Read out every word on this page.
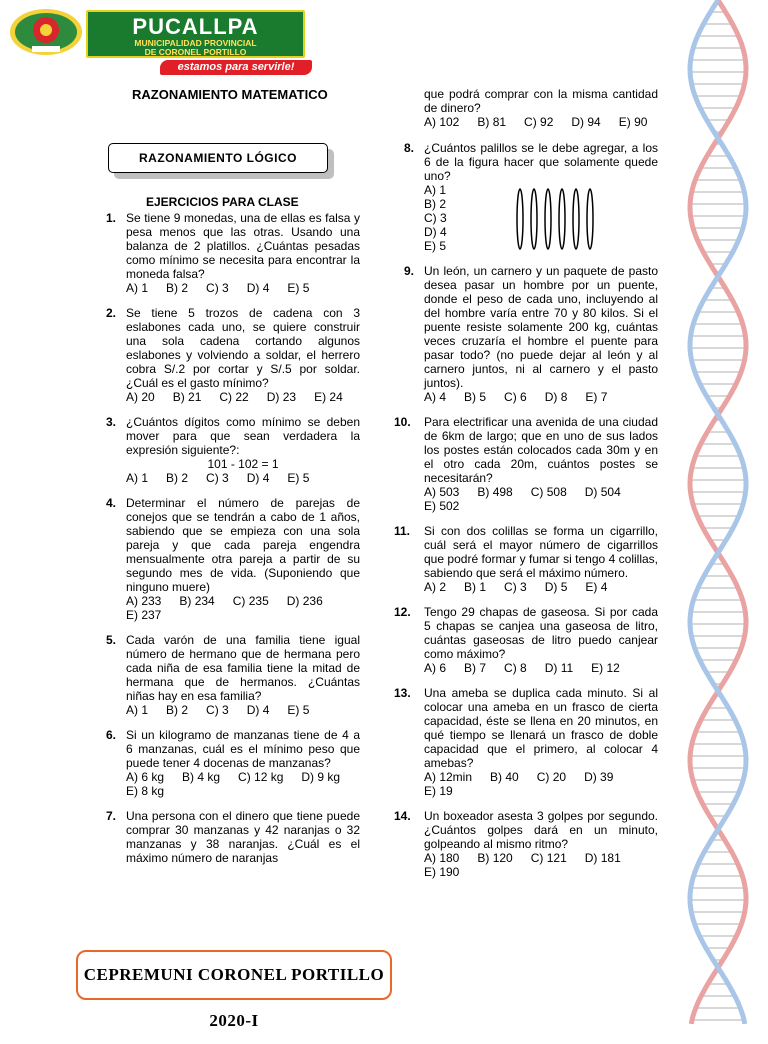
PUCALLPA
MUNICIPALIDAD PROVINCIAL
DE CORONEL PORTILLO
estamos para servirle!
RAZONAMIENTO MATEMATICO
RAZONAMIENTO LÓGICO
EJERCICIOS PARA CLASE
1. Se tiene 9 monedas, una de ellas es falsa y pesa menos que las otras. Usando una balanza de 2 platillos. ¿Cuántas pesadas como mínimo se necesita para encontrar la moneda falsa?
A) 1 B) 2 C) 3 D) 4 E) 5
2. Se tiene 5 trozos de cadena con 3 eslabones cada uno, se quiere construir una sola cadena cortando algunos eslabones y volviendo a soldar, el herrero cobra S/.2 por cortar y S/.5 por soldar. ¿Cuál es el gasto mínimo?
A) 20 B) 21 C) 22 D) 23 E) 24
3. ¿Cuántos dígitos como mínimo se deben mover para que sean verdadera la expresión siguiente?:
101 - 102 = 1
A) 1 B) 2 C) 3 D) 4 E) 5
4. Determinar el número de parejas de conejos que se tendrán a cabo de 1 años, sabiendo que se empieza con una sola pareja y que cada pareja engendra mensualmente otra pareja a partir de su segundo mes de vida. (Suponiendo que ninguno muere)
A) 233 B) 234 C) 235 D) 236
E) 237
5. Cada varón de una familia tiene igual número de hermano que de hermana pero cada niña de esa familia tiene la mitad de hermana que de hermanos. ¿Cuántas niñas hay en esa familia?
A) 1 B) 2 C) 3 D) 4 E) 5
6. Si un kilogramo de manzanas tiene de 4 a 6 manzanas, cuál es el mínimo peso que puede tener 4 docenas de manzanas?
A) 6 kg B) 4 kg C) 12 kg D) 9 kg
E) 8 kg
7. Una persona con el dinero que tiene puede comprar 30 manzanas y 42 naranjas o 32 manzanas y 38 naranjas. ¿Cuál es el máximo número de naranjas
que podrá comprar con la misma cantidad de dinero?
A) 102 B) 81 C) 92 D) 94 E) 90
8. ¿Cuántos palillos se le debe agregar, a los 6 de la figura hacer que solamente quede uno?
A) 1
B) 2
C) 3
D) 4
E) 5
9. Un león, un carnero y un paquete de pasto desea pasar un hombre por un puente, donde el peso de cada uno, incluyendo al del hombre varía entre 70 y 80 kilos. Si el puente resiste solamente 200 kg, cuántas veces cruzaría el hombre el puente para pasar todo? (no puede dejar al león y al carnero juntos, ni al carnero y el pasto juntos).
A) 4 B) 5 C) 6 D) 8 E) 7
10. Para electrificar una avenida de una ciudad de 6km de largo; que en uno de sus lados los postes están colocados cada 30m y en el otro cada 20m, cuántos postes se necesitarán?
A) 503 B) 498 C) 508 D) 504
E) 502
11. Si con dos colillas se forma un cigarrillo, cuál será el mayor número de cigarrillos que podré formar y fumar si tengo 4 colillas, sabiendo que será el máximo número.
A) 2 B) 1 C) 3 D) 5 E) 4
12. Tengo 29 chapas de gaseosa. Si por cada 5 chapas se canjea una gaseosa de litro, cuántas gaseosas de litro puedo canjear como máximo?
A) 6 B) 7 C) 8 D) 11 E) 12
13. Una ameba se duplica cada minuto. Si al colocar una ameba en un frasco de cierta capacidad, éste se llena en 20 minutos, en qué tiempo se llenará un frasco de doble capacidad que el primero, al colocar 4 amebas?
A) 12min B) 40 C) 20 D) 39
E) 19
14. Un boxeador asesta 3 golpes por segundo. ¿Cuántos golpes dará en un minuto, golpeando al mismo ritmo?
A) 180 B) 120 C) 121 D) 181
E) 190
CEPREMUNI CORONEL PORTILLO 2020-I
